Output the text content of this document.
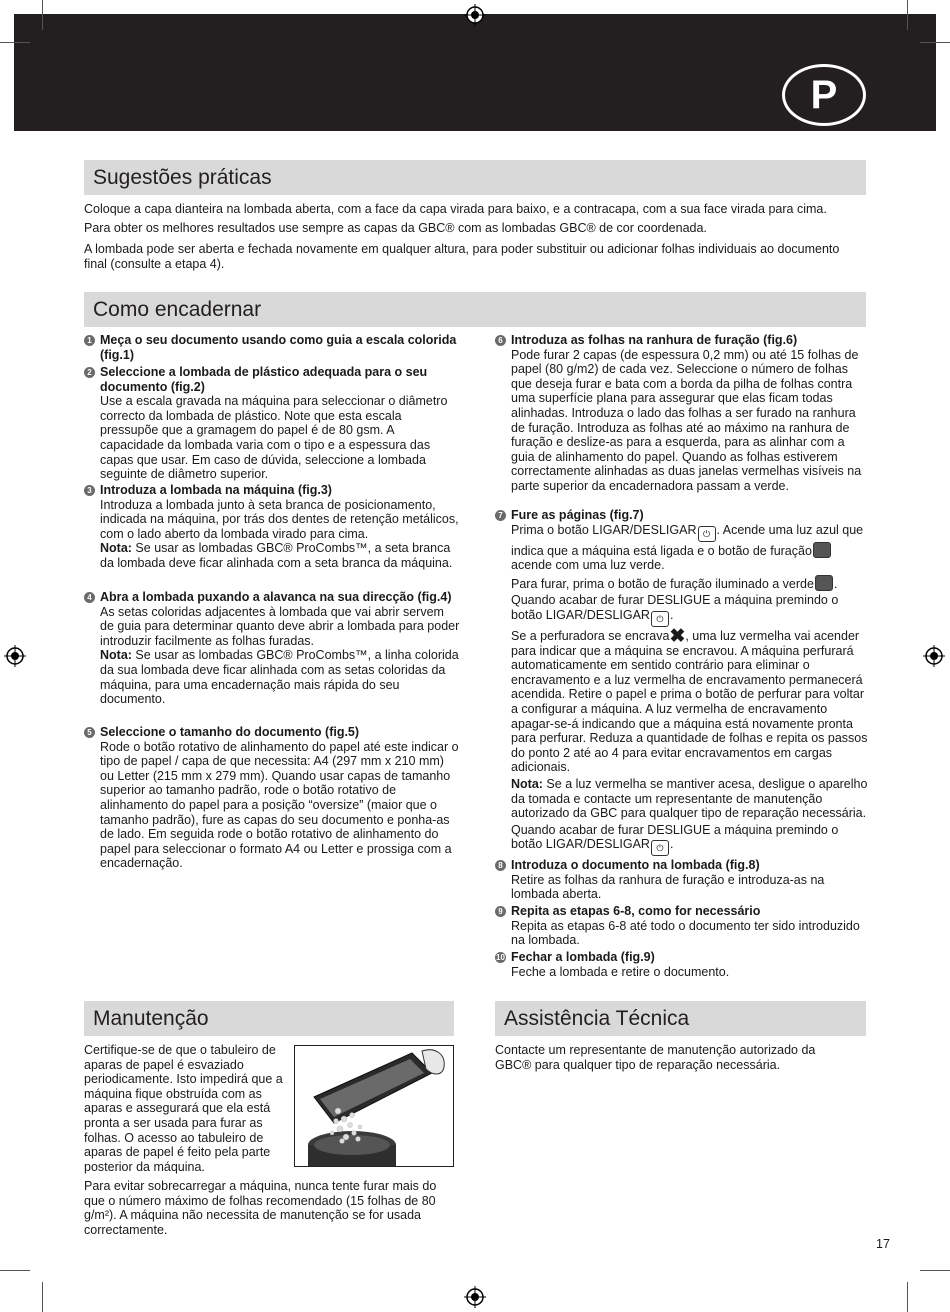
P
Sugestões práticas

Coloque a capa dianteira na lombada aberta, com a face da capa virada para baixo, e a contracapa, com a sua face virada para cima.

Para obter os melhores resultados use sempre as capas da GBC® com as lombadas GBC® de cor coordenada.

A lombada pode ser aberta e fechada novamente em qualquer altura, para poder substituir ou adicionar folhas individuais ao documento final (consulte a etapa 4).

Como encadernar
1 Meça o seu documento usando como guia a escala colorida (fig.1)
2 Seleccione a lombada de plástico adequada para o seu documento (fig.2)
Use a escala gravada na máquina para seleccionar o diâmetro correcto da lombada de plástico. Note que esta escala pressupõe que a gramagem do papel é de 80 gsm. A capacidade da lombada varia com o tipo e a espessura das capas que usar. Em caso de dúvida, seleccione a lombada seguinte de diâmetro superior.
3 Introduza a lombada na máquina (fig.3)
Introduza a lombada junto à seta branca de posicionamento, indicada na máquina, por trás dos dentes de retenção metálicos, com o lado aberto da lombada virado para cima.
Nota: Se usar as lombadas GBC® ProCombs™, a seta branca da lombada deve ficar alinhada com a seta branca da máquina.
4 Abra a lombada puxando a alavanca na sua direcção (fig.4)
As setas coloridas adjacentes à lombada que vai abrir servem de guia para determinar quanto deve abrir a lombada para poder introduzir facilmente as folhas furadas.
Nota: Se usar as lombadas GBC® ProCombs™, a linha colorida da sua lombada deve ficar alinhada com as setas coloridas da máquina, para uma encadernação mais rápida do seu documento.
5 Seleccione o tamanho do documento (fig.5)
Rode o botão rotativo de alinhamento do papel até este indicar o tipo de papel / capa de que necessita: A4 (297 mm x 210 mm) ou Letter (215 mm x 279 mm). Quando usar capas de tamanho superior ao tamanho padrão, rode o botão rotativo de alinhamento do papel para a posição “oversize” (maior que o tamanho padrão), fure as capas do seu documento e ponha-as de lado. Em seguida rode o botão rotativo de alinhamento do papel para seleccionar o formato A4 ou Letter e prossiga com a encadernação.
6 Introduza as folhas na ranhura de furação (fig.6)
Pode furar 2 capas (de espessura 0,2 mm) ou até 15 folhas de papel (80 g/m2) de cada vez. Seleccione o número de folhas que deseja furar e bata com a borda da pilha de folhas contra uma superfície plana para assegurar que elas ficam todas alinhadas. Introduza o lado das folhas a ser furado na ranhura de furação. Introduza as folhas até ao máximo na ranhura de furação e deslize-as para a esquerda, para as alinhar com a guia de alinhamento do papel. Quando as folhas estiverem correctamente alinhadas as duas janelas vermelhas visíveis na parte superior da encadernadora passam a verde.
7 Fure as páginas (fig.7)
Prima o botão LIGAR/DESLIGAR ⏻ . Acende uma luz azul que indica que a máquina está ligada e o botão de furação acende com uma luz verde.
Para furar, prima o botão de furação iluminado a verde .
Quando acabar de furar DESLIGUE a máquina premindo o botão LIGAR/DESLIGAR ⏻ .
Se a perfuradora se encrava✖, uma luz vermelha vai acender para indicar que a máquina se encravou. A máquina perfurará automaticamente em sentido contrário para eliminar o encravamento e a luz vermelha de encravamento permanecerá acendida. Retire o papel e prima o botão de perfurar para voltar a configurar a máquina. A luz vermelha de encravamento apagar-se-á indicando que a máquina está novamente pronta para perfurar. Reduza a quantidade de folhas e repita os passos do ponto 2 até ao 4 para evitar encravamentos em cargas adicionais.
Nota: Se a luz vermelha se mantiver acesa, desligue o aparelho da tomada e contacte um representante de manutenção autorizado da GBC para qualquer tipo de reparação necessária.
Quando acabar de furar DESLIGUE a máquina premindo o botão LIGAR/DESLIGAR ⏻ .
8 Introduza o documento na lombada (fig.8)
Retire as folhas da ranhura de furação e introduza-as na lombada aberta.
9 Repita as etapas 6-8, como for necessário
Repita as etapas 6-8 até todo o documento ter sido introduzido na lombada.
10 Fechar a lombada (fig.9)
Feche a lombada e retire o documento.
Manutenção

Certifique-se de que o tabuleiro de aparas de papel é esvaziado periodicamente. Isto impedirá que a máquina fique obstruída com as aparas e assegurará que ela está pronta a ser usada para furar as folhas. O acesso ao tabuleiro de aparas de papel é feito pela parte posterior da máquina.

Para evitar sobrecarregar a máquina, nunca tente furar mais do que o número máximo de folhas recomendado (15 folhas de 80 g/m²). A máquina não necessita de manutenção se for usada correctamente.

Assistência Técnica

Contacte um representante de manutenção autorizado da GBC® para qualquer tipo de reparação necessária.

17
